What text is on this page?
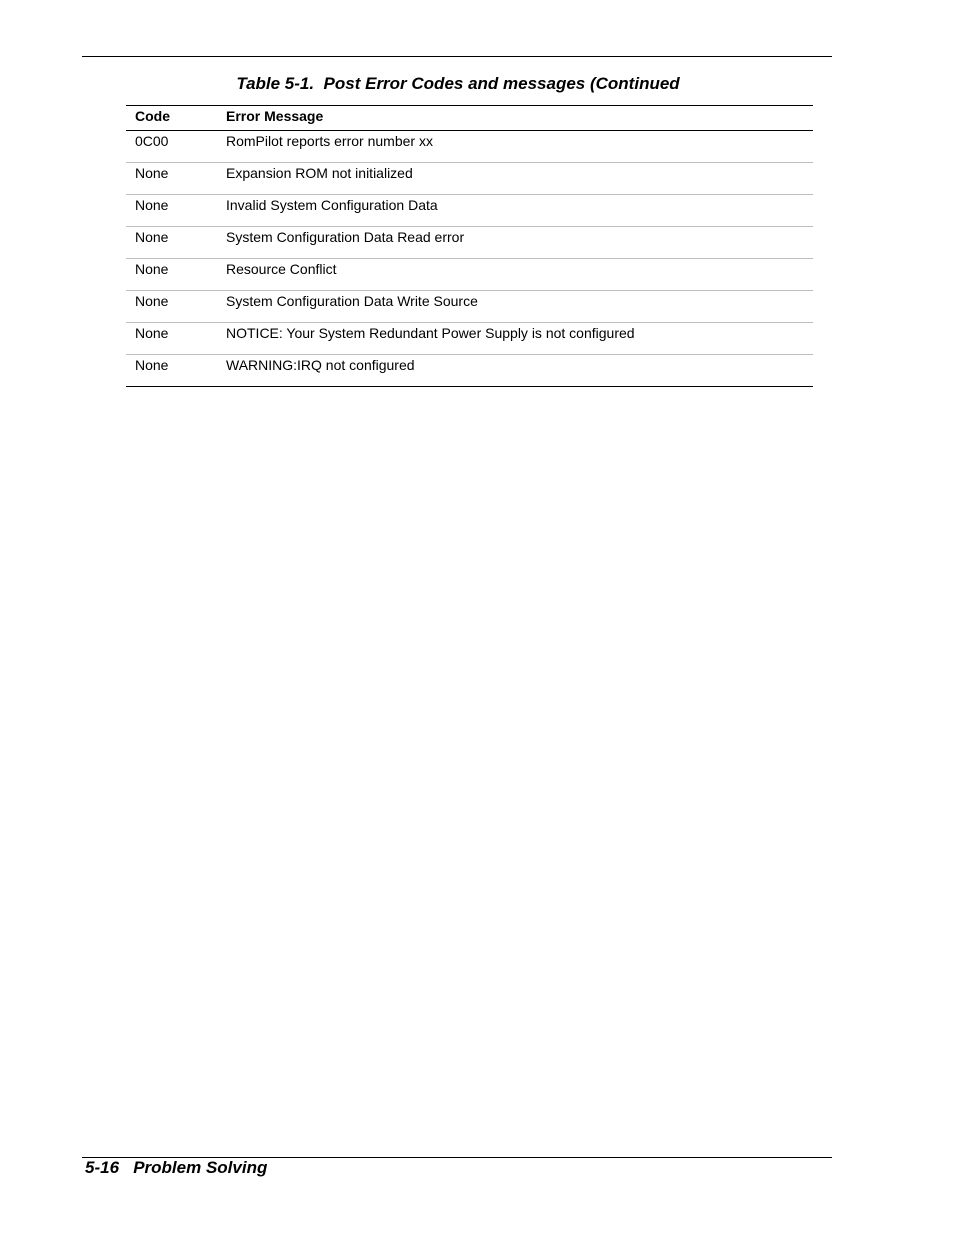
Table 5-1.  Post Error Codes and messages (Continued
Code	Error Message
0C00	RomPilot reports error number xx
None	Expansion ROM not initialized
None	Invalid System Configuration Data
None	System Configuration Data Read error
None	Resource Conflict
None	System Configuration Data Write Source
None	NOTICE: Your System Redundant Power Supply is not configured
None	WARNING:IRQ not configured
5-16 Problem Solving
